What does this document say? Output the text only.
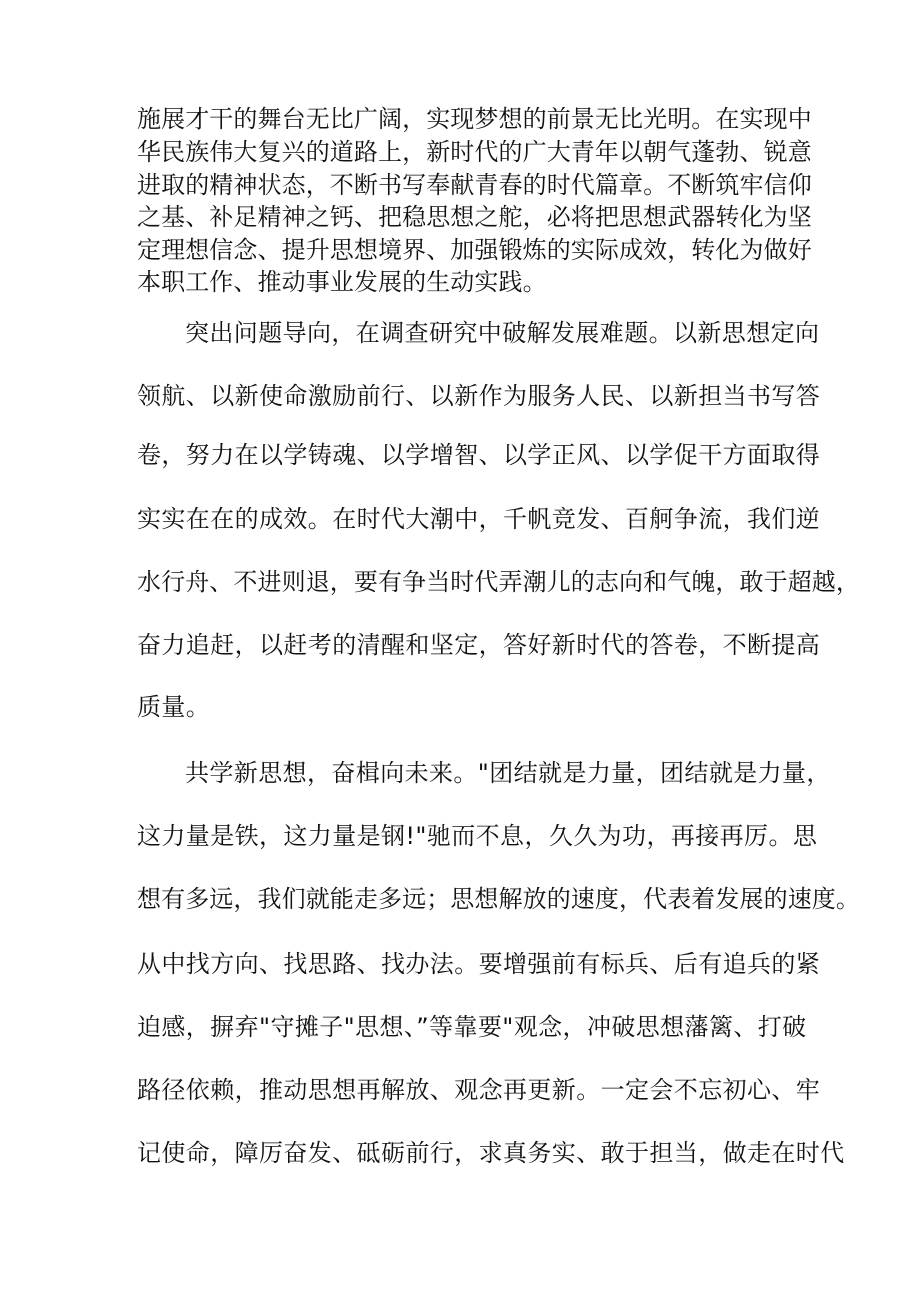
施展才干的舞台无比广阔，实现梦想的前景无比光明。在实现中
华民族伟大复兴的道路上，新时代的广大青年以朝气蓬勃、锐意
进取的精神状态，不断书写奉献青春的时代篇章。不断筑牢信仰
之基、补足精神之钙、把稳思想之舵，必将把思想武器转化为坚
定理想信念、提升思想境界、加强锻炼的实际成效，转化为做好
本职工作、推动事业发展的生动实践。
突出问题导向，在调查研究中破解发展难题。以新思想定向
领航、以新使命激励前行、以新作为服务人民、以新担当书写答
卷，努力在以学铸魂、以学增智、以学正风、以学促干方面取得
实实在在的成效。在时代大潮中，千帆竞发、百舸争流，我们逆
水行舟、不进则退，要有争当时代弄潮儿的志向和气魄，敢于超越，
奋力追赶，以赶考的清醒和坚定，答好新时代的答卷，不断提高
质量。
共学新思想，奋楫向未来。"团结就是力量，团结就是力量，
这力量是铁，这力量是钢!"驰而不息，久久为功，再接再厉。思
想有多远，我们就能走多远；思想解放的速度，代表着发展的速度。
从中找方向、找思路、找办法。要增强前有标兵、后有追兵的紧
迫感，摒弃"守摊子"思想、”等靠要"观念，冲破思想藩篱、打破
路径依赖，推动思想再解放、观念再更新。一定会不忘初心、牢
记使命，障厉奋发、砥砺前行，求真务实、敢于担当，做走在时代
